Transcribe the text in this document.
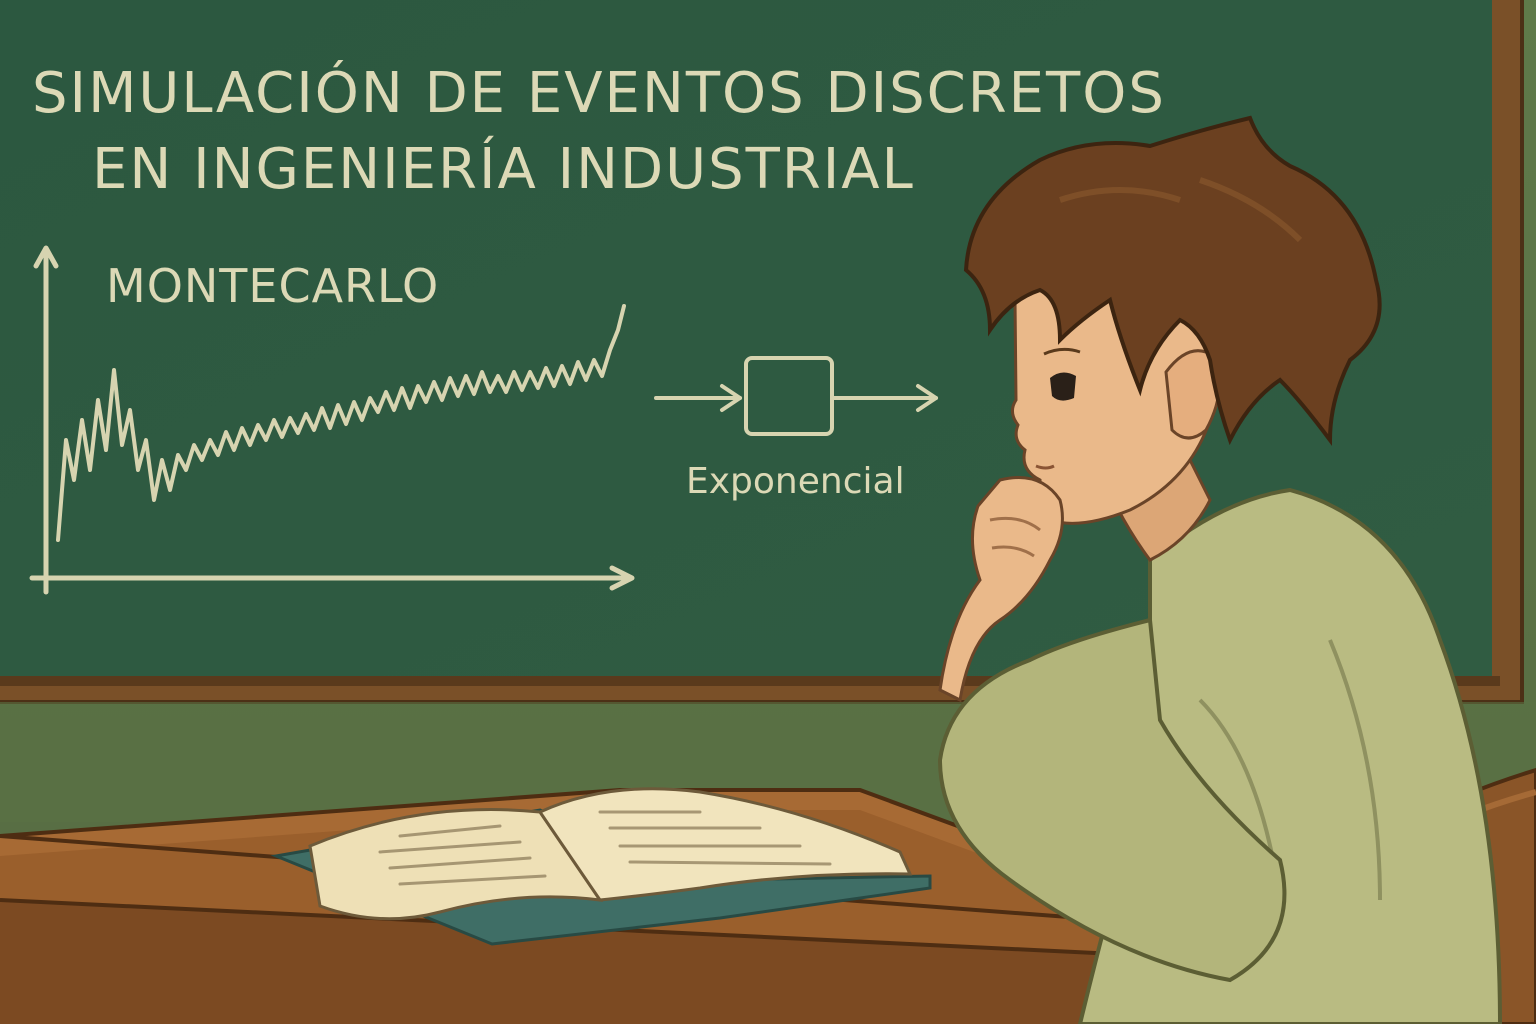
SIMULACIÓN DE EVENTOS DISCRETOS
EN INGENIERÍA INDUSTRIAL
MONTECARLO
Exponencial
